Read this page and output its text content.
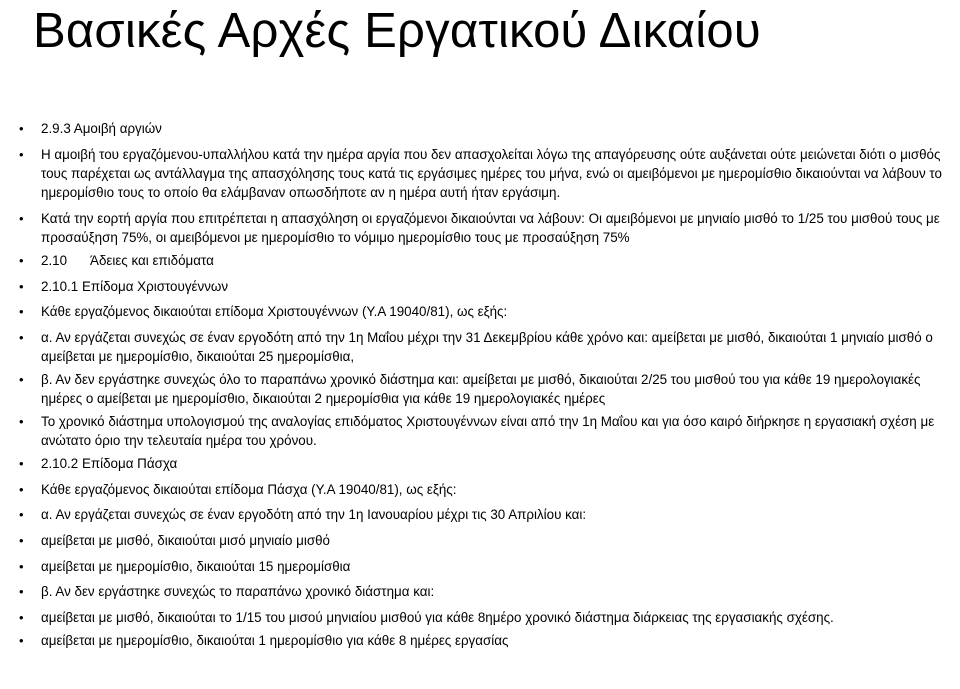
Βασικές Αρχές Εργατικού Δικαίου
• 2.9.3 Αμοιβή αργιών
• Η αμοιβή του εργαζόμενου-υπαλλήλου κατά την ημέρα αργία που δεν απασχολείται λόγω της απαγόρευσης ούτε αυξάνεται ούτε μειώνεται διότι ο μισθός τους παρέχεται ως αντάλλαγμα της απασχόλησης τους κατά τις εργάσιμες ημέρες του μήνα, ενώ οι αμειβόμενοι με ημερομίσθιο δικαιούνται να λάβουν το ημερομίσθιο τους το οποίο θα ελάμβαναν οπωσδήποτε αν η ημέρα αυτή ήταν εργάσιμη.
• Κατά την εορτή αργία που επιτρέπεται η απασχόληση οι εργαζόμενοι δικαιούνται να λάβουν: Οι αμειβόμενοι με μηνιαίο μισθό το 1/25 του μισθού τους με προσαύξηση 75%, οι αμειβόμενοι με ημερομίσθιο το νόμιμο ημερομίσθιο τους με προσαύξηση 75%
• 2.10 Άδειες και επιδόματα
• 2.10.1 Επίδομα Χριστουγέννων
• Κάθε εργαζόμενος δικαιούται επίδομα Χριστουγέννων (Υ.Α 19040/81), ως εξής:
• α. Αν εργάζεται συνεχώς σε έναν εργοδότη από την 1η Μαΐου μέχρι την 31 Δεκεμβρίου κάθε χρόνο και: αμείβεται με μισθό, δικαιούται 1 μηνιαίο μισθό ο αμείβεται με ημερομίσθιο, δικαιούται 25 ημερομίσθια,
• β. Αν δεν εργάστηκε συνεχώς όλο το παραπάνω χρονικό διάστημα και: αμείβεται με μισθό, δικαιούται 2/25 του μισθού του για κάθε 19 ημερολογιακές ημέρες ο αμείβεται με ημερομίσθιο, δικαιούται 2 ημερομίσθια για κάθε 19 ημερολογιακές ημέρες
• Το χρονικό διάστημα υπολογισμού της αναλογίας επιδόματος Χριστουγέννων είναι από την 1η Μαΐου και για όσο καιρό διήρκησε η εργασιακή σχέση με ανώτατο όριο την τελευταία ημέρα του χρόνου.
• 2.10.2 Επίδομα Πάσχα
• Κάθε εργαζόμενος δικαιούται επίδομα Πάσχα (Υ.Α 19040/81), ως εξής:
• α. Αν εργάζεται συνεχώς σε έναν εργοδότη από την 1η Ιανουαρίου μέχρι τις 30 Απριλίου και:
• αμείβεται με μισθό, δικαιούται μισό μηνιαίο μισθό
• αμείβεται με ημερομίσθιο, δικαιούται 15 ημερομίσθια
• β. Αν δεν εργάστηκε συνεχώς το παραπάνω χρονικό διάστημα και:
• αμείβεται με μισθό, δικαιούται το 1/15 του μισού μηνιαίου μισθού για κάθε 8ημέρο χρονικό διάστημα διάρκειας της εργασιακής σχέσης.
• αμείβεται με ημερομίσθιο, δικαιούται 1 ημερομίσθιο για κάθε 8 ημέρες εργασίας
